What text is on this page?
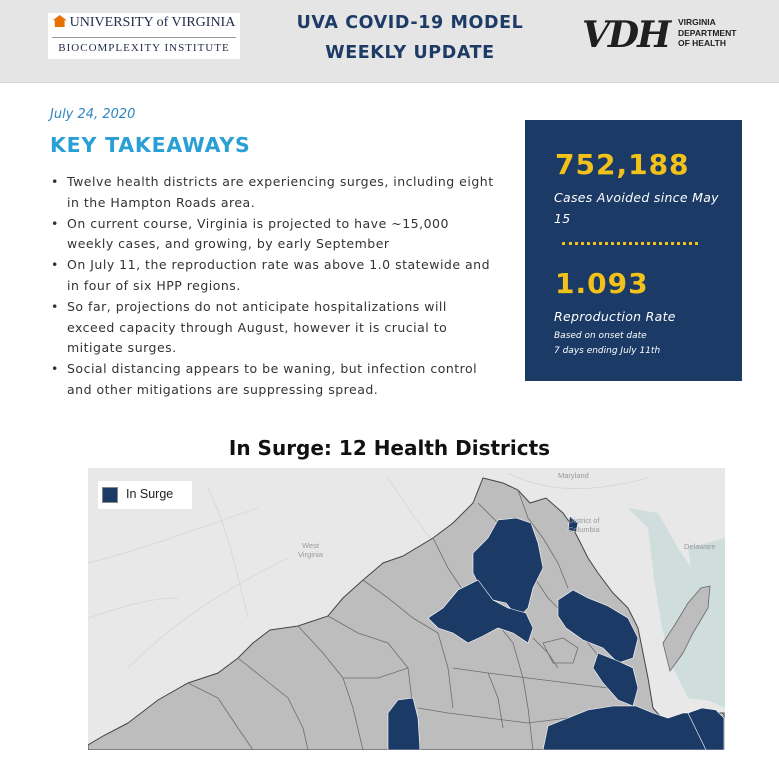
UNIVERSITY of VIRGINIA
BIOCOMPLEXITY INSTITUTE
UVA COVID-19 MODEL
WEEKLY UPDATE	VDH VIRGINIA
DEPARTMENT
OF HEALTH
July 24, 2020
KEY TAKEAWAYS
• Twelve health districts are experiencing surges, including eight in the Hampton Roads area.
• On current course, Virginia is projected to have ~15,000 weekly cases, and growing, by early September
• On July 11, the reproduction rate was above 1.0 statewide and in four of six HPP regions.
• So far, projections do not anticipate hospitalizations will exceed capacity through August, however it is crucial to mitigate surges.
• Social distancing appears to be waning, but infection control and other mitigations are suppressing spread.
752,188
Cases Avoided since May 15
1.093
Reproduction Rate
Based on onset date
7 days ending July 11th
In Surge: 12 Health Districts
Maryland
District of
Columbia
West
Virginia
Delaware
In Surge
